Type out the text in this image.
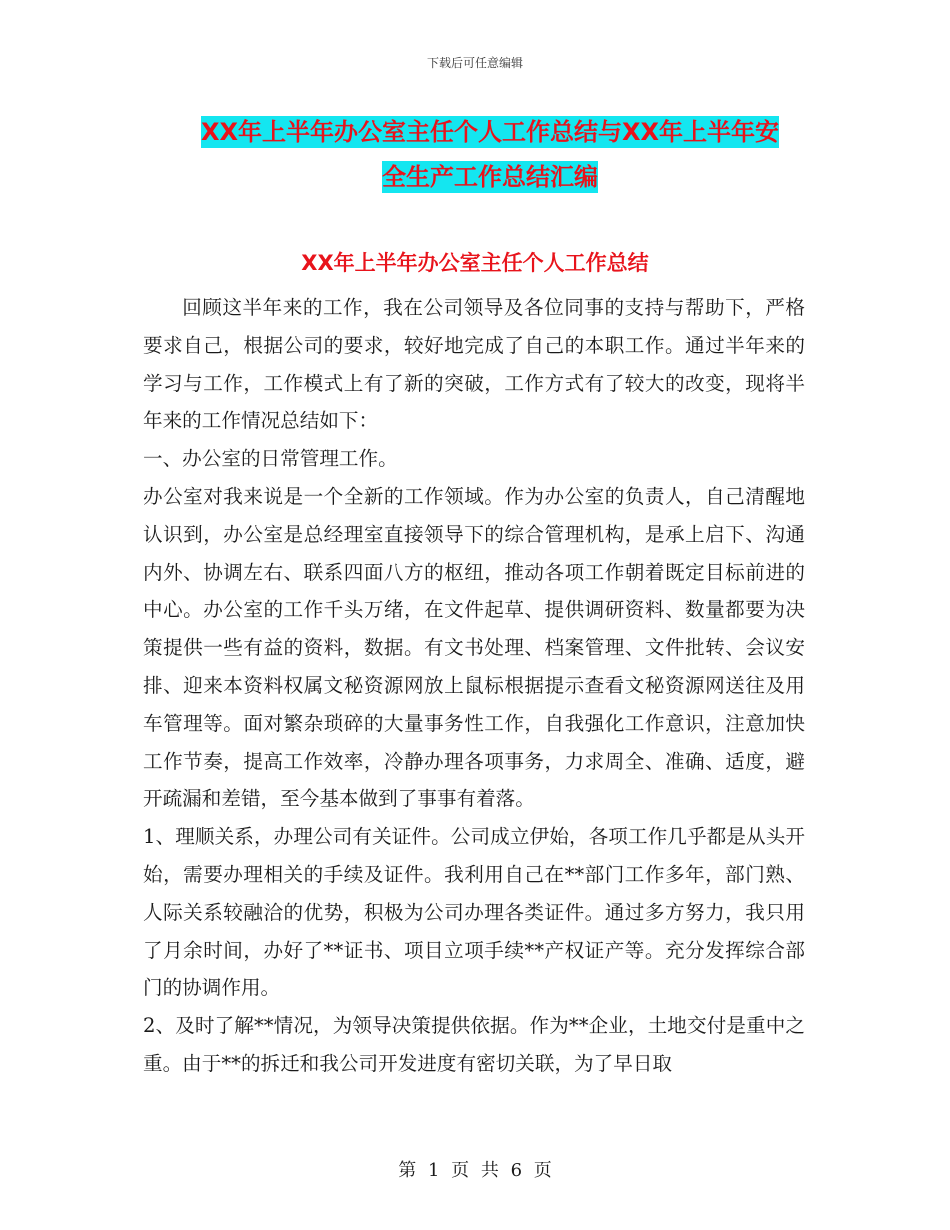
下载后可任意编辑
XX年上半年办公室主任个人工作总结与XX年上半年安
全生产工作总结汇编
XX年上半年办公室主任个人工作总结

回顾这半年来的工作，我在公司领导及各位同事的支持与帮助下，严格要求自己，根据公司的要求，较好地完成了自己的本职工作。通过半年来的学习与工作，工作模式上有了新的突破，工作方式有了较大的改变，现将半年来的工作情况总结如下：

一、办公室的日常管理工作。

办公室对我来说是一个全新的工作领域。作为办公室的负责人，自己清醒地认识到，办公室是总经理室直接领导下的综合管理机构，是承上启下、沟通内外、协调左右、联系四面八方的枢纽，推动各项工作朝着既定目标前进的中心。办公室的工作千头万绪，在文件起草、提供调研资料、数量都要为决策提供一些有益的资料，数据。有文书处理、档案管理、文件批转、会议安排、迎来本资料权属文秘资源网放上鼠标根据提示查看文秘资源网送往及用车管理等。面对繁杂琐碎的大量事务性工作，自我强化工作意识，注意加快工作节奏，提高工作效率，冷静办理各项事务，力求周全、准确、适度，避开疏漏和差错，至今基本做到了事事有着落。

1、理顺关系，办理公司有关证件。公司成立伊始，各项工作几乎都是从头开始，需要办理相关的手续及证件。我利用自己在**部门工作多年，部门熟、人际关系较融洽的优势，积极为公司办理各类证件。通过多方努力，我只用了月余时间，办好了**证书、项目立项手续**产权证产等。充分发挥综合部门的协调作用。

2、及时了解**情况，为领导决策提供依据。作为**企业，土地交付是重中之重。由于**的拆迁和我公司开发进度有密切关联，为了早日取

第 1 页 共 6 页
